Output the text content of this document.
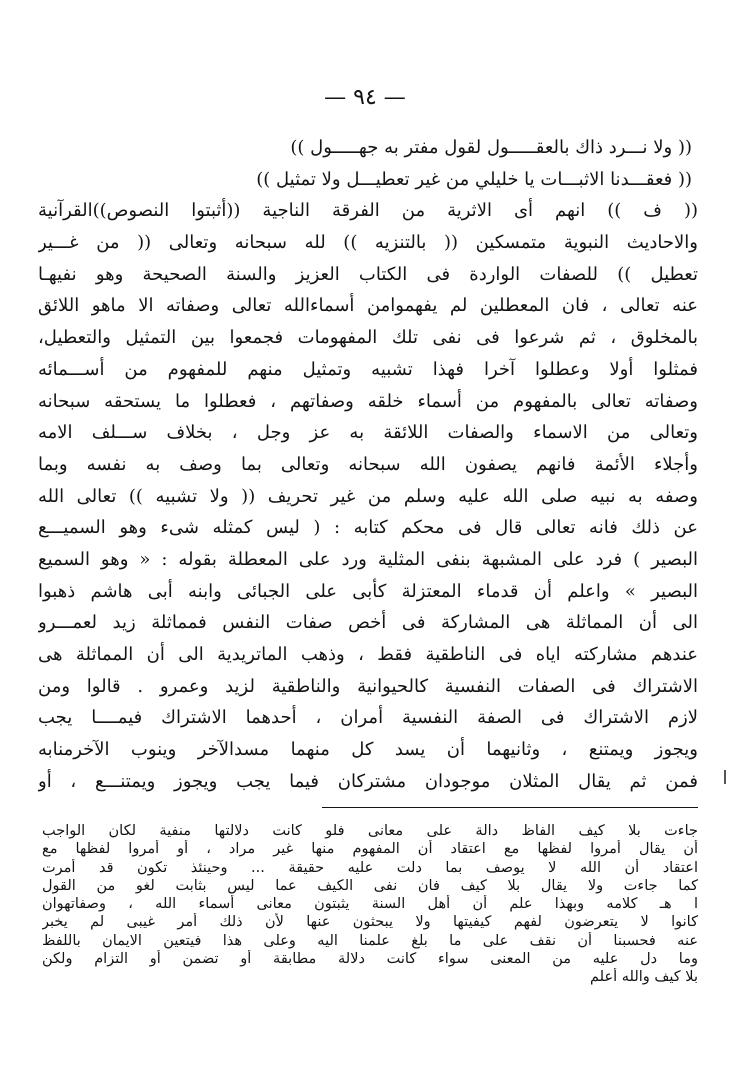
— ٩٤ —
(( ولا نـــرد ذاك بالعقـــــول لقول مفتر به جهـــــول ))
(( فعقـــدنا الاثبـــات يا خليلي من غير تعطيـــل ولا تمثيل ))
(( ف )) انهم أى الاثرية من الفرقة الناجية ((أثبتوا النصوص))القرآنية
والاحاديث النبوية متمسكين (( بالتنزيه )) لله سبحانه وتعالى (( من غـــير
تعطيل )) للصفات الواردة فى الكتاب العزيز والسنة الصحيحة وهو نفيهـا
عنه تعالى ، فان المعطلين لم يفهموامن أسماءالله تعالى وصفاته الا ماهو اللائق
بالمخلوق ، ثم شرعوا فى نفى تلك المفهومات فجمعوا بين التمثيل والتعطيل،
فمثلوا أولا وعطلوا آخرا فهذا تشبيه وتمثيل منهم للمفهوم من أســـمائه
وصفاته تعالى بالمفهوم من أسماء خلقه وصفاتهم ، فعطلوا ما يستحقه سبحانه
وتعالى من الاسماء والصفات اللائقة به عز وجل ، بخلاف ســـلف الامه
وأجلاء الأئمة فانهم يصفون الله سبحانه وتعالى بما وصف به نفسه وبما
وصفه به نبيه صلى الله عليه وسلم من غير تحريف (( ولا تشبيه )) تعالى الله
عن ذلك فانه تعالى قال فى محكم كتابه : ( ليس كمثله شىء وهو السميـــع
البصير ) فرد على المشبهة بنفى المثلية ورد على المعطلة بقوله : « وهو السميع
البصير » واعلم أن قدماء المعتزلة كأبى على الجبائى وابنه أبى هاشم ذهبوا
الى أن المماثلة هى المشاركة فى أخص صفات النفس فمماثلة زيد لعمـــرو
عندهم مشاركته اياه فى الناطقية فقط ، وذهب الماتريدية الى أن المماثلة هى
الاشتراك فى الصفات النفسية كالحيوانية والناطقية لزيد وعمرو . قالوا ومن
لازم الاشتراك فى الصفة النفسية أمران ، أحدهما الاشتراك فيمــــا يجب
ويجوز ويمتنع ، وثانيهما أن يسد كل منهما مسدالآخر وينوب الآخرمنابه
فمن ثم يقال المثلان موجودان مشتركان فيما يجب ويجوز ويمتنـــع ، أو
جاءت بلا كيف الفاظ دالة على معانى فلو كانت دلالتها منفية لكان الواجب
أن يقال أمروا لفظها مع اعتقاد أن المفهوم منها غير مراد ، أو أمروا لفظها مع
اعتقاد أن الله لا يوصف بما دلت عليه حقيقة ... وحينئذ تكون قد أمرت
كما جاءت ولا يقال بلا كيف فان نفى الكيف عما ليس بثابت لغو من القول
ا هـ كلامه وبهذا علم أن أهل السنة يثبتون معانى أسماء الله ، وصفاتهوان
كانوا لا يتعرضون لفهم كيفيتها ولا يبحثون عنها لأن ذلك أمر غيبى لم يخبر
عنه فحسبنا أن نقف على ما بلغ علمنا اليه وعلى هذا فيتعين الايمان باللفظ
وما دل عليه من المعنى سواء كانت دلالة مطابقة أو تضمن أو التزام ولكن
بلا كيف والله أعلم
